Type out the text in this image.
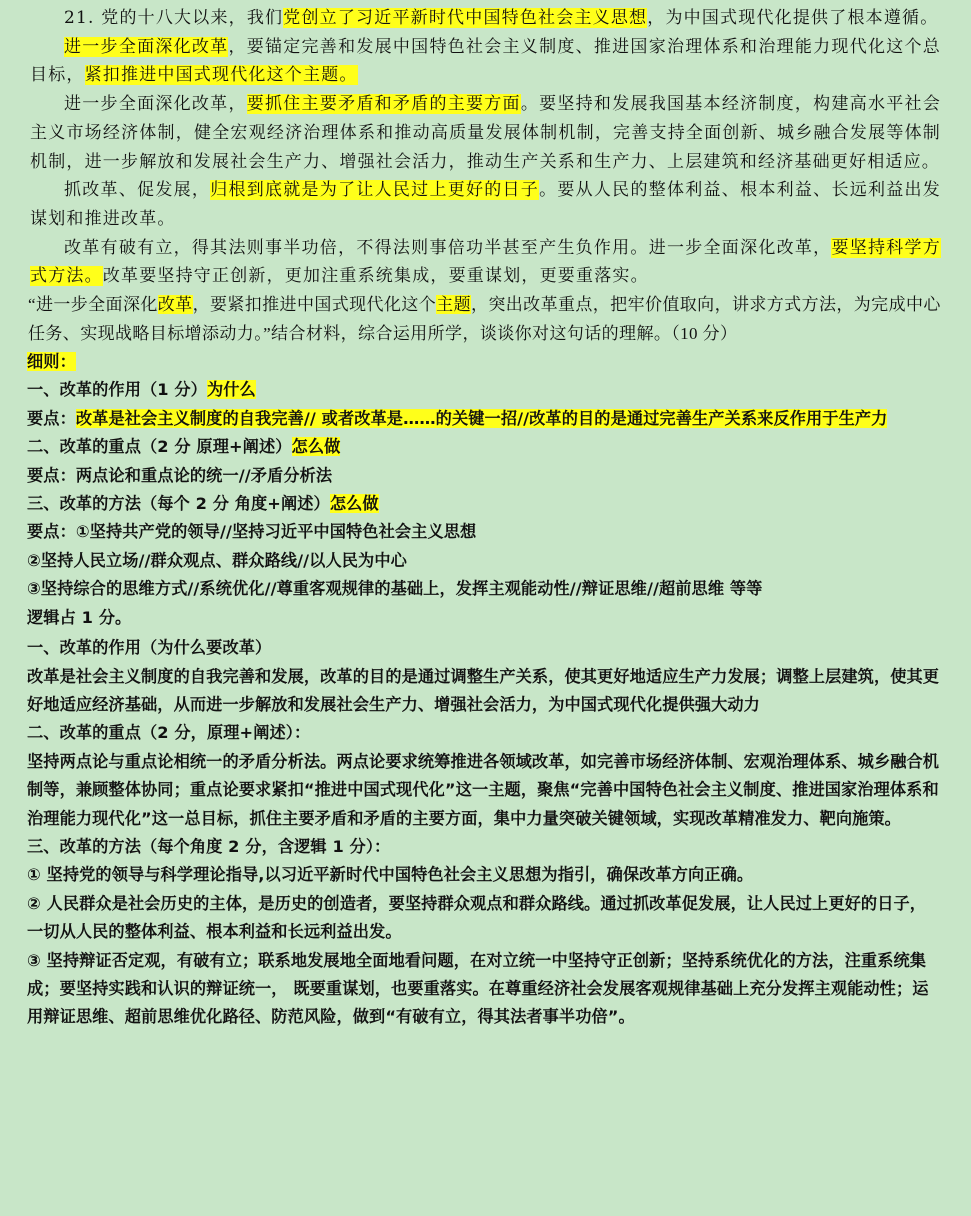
21. 党的十八大以来，我们党创立了习近平新时代中国特色社会主义思想，为中国式现代化提供了根本遵循。

进一步全面深化改革，要锚定完善和发展中国特色社会主义制度、推进国家治理体系和治理能力现代化这个总目标，紧扣推进中国式现代化这个主题。

进一步全面深化改革，要抓住主要矛盾和矛盾的主要方面。要坚持和发展我国基本经济制度，构建高水平社会主义市场经济体制，健全宏观经济治理体系和推动高质量发展体制机制，完善支持全面创新、城乡融合发展等体制机制，进一步解放和发展社会生产力、增强社会活力，推动生产关系和生产力、上层建筑和经济基础更好相适应。

抓改革、促发展，归根到底就是为了让人民过上更好的日子。要从人民的整体利益、根本利益、长远利益出发谋划和推进改革。

改革有破有立，得其法则事半功倍，不得法则事倍功半甚至产生负作用。进一步全面深化改革，要坚持科学方式方法。改革要坚持守正创新，更加注重系统集成，要重谋划，更要重落实。

“进一步全面深化改革，要紧扣推进中国式现代化这个主题，突出改革重点，把牢价值取向，讲求方式方法，为完成中心任务、实现战略目标增添动力。”结合材料，综合运用所学，谈谈你对这句话的理解。（10 分）

细则：

一、改革的作用（1 分）为什么

要点：改革是社会主义制度的自我完善// 或者改革是……的关键一招//改革的目的是通过完善生产关系来反作用于生产力

二、改革的重点（2 分 原理+阐述）怎么做

要点：两点论和重点论的统一//矛盾分析法

三、改革的方法（每个 2 分 角度+阐述）怎么做

要点：①坚持共产党的领导//坚持习近平中国特色社会主义思想

②坚持人民立场//群众观点、群众路线//以人民为中心

③坚持综合的思维方式//系统优化//尊重客观规律的基础上，发挥主观能动性//辩证思维//超前思维 等等

逻辑占 1 分。

一、改革的作用（为什么要改革）

改革是社会主义制度的自我完善和发展，改革的目的是通过调整生产关系，使其更好地适应生产力发展；调整上层建筑，使其更好地适应经济基础，从而进一步解放和发展社会生产力、增强社会活力，为中国式现代化提供强大动力

二、改革的重点（2 分，原理+阐述）：

坚持两点论与重点论相统一的矛盾分析法。两点论要求统筹推进各领域改革，如完善市场经济体制、宏观治理体系、城乡融合机制等，兼顾整体协同；重点论要求紧扣“推进中国式现代化”这一主题，聚焦“完善中国特色社会主义制度、推进国家治理体系和治理能力现代化”这一总目标，抓住主要矛盾和矛盾的主要方面，集中力量突破关键领域，实现改革精准发力、靶向施策。

三、改革的方法（每个角度 2 分，含逻辑 1 分）：

① 坚持党的领导与科学理论指导,以习近平新时代中国特色社会主义思想为指引，确保改革方向正确。

② 人民群众是社会历史的主体，是历史的创造者，要坚持群众观点和群众路线。通过抓改革促发展，让人民过上更好的日子， 一切从人民的整体利益、根本利益和长远利益出发。

③ 坚持辩证否定观，有破有立；联系地发展地全面地看问题，在对立统一中坚持守正创新；坚持系统优化的方法，注重系统集成；要坚持实践和认识的辩证统一， 既要重谋划，也要重落实。在尊重经济社会发展客观规律基础上充分发挥主观能动性；运用辩证思维、超前思维优化路径、防范风险，做到“有破有立，得其法者事半功倍”。
